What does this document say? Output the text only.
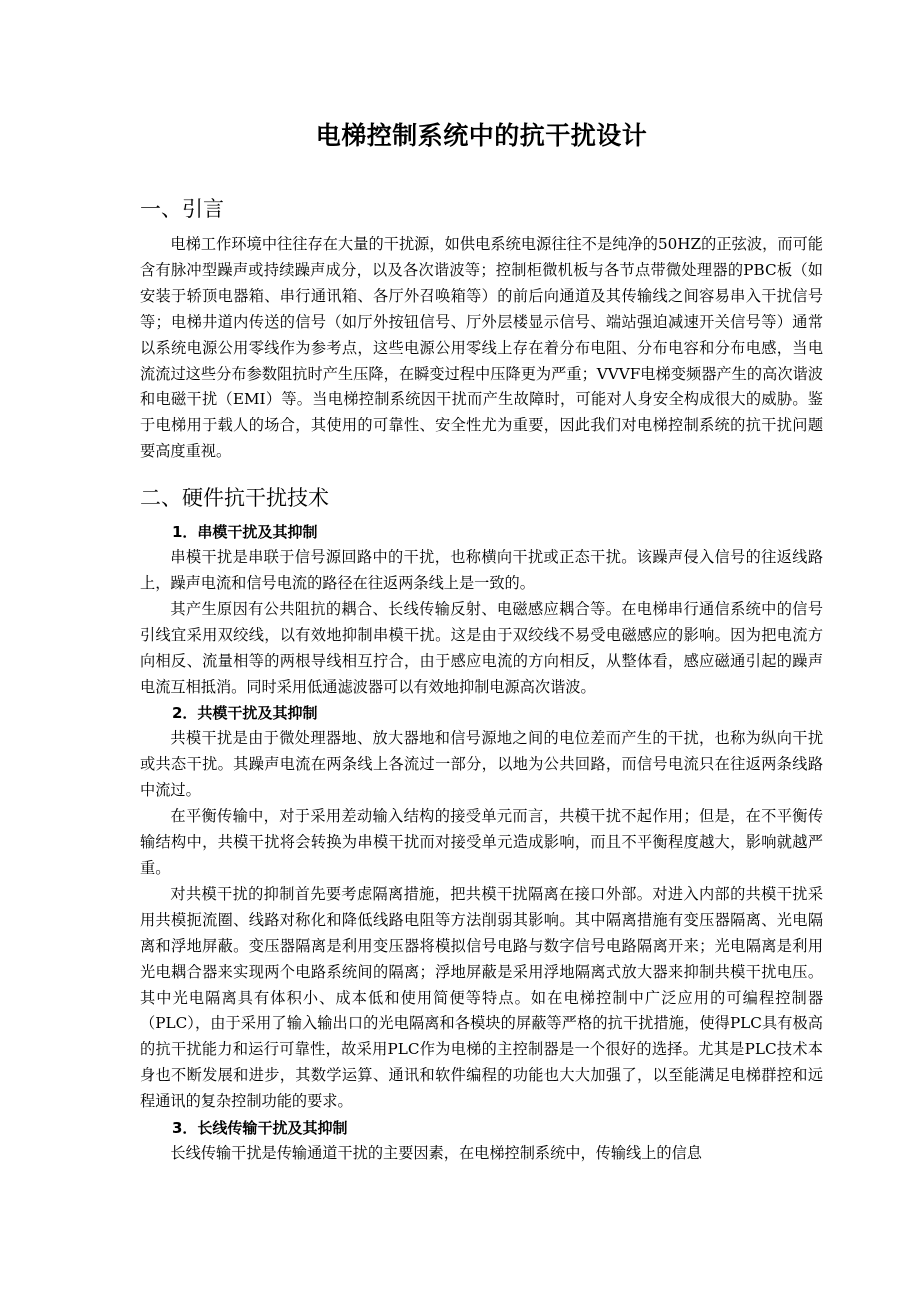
电梯控制系统中的抗干扰设计
一、引言

电梯工作环境中往往存在大量的干扰源，如供电系统电源往往不是纯净的50HZ的正弦波，而可能含有脉冲型躁声或持续躁声成分，以及各次谐波等；控制柜微机板与各节点带微处理器的PBC板（如安装于轿顶电器箱、串行通讯箱、各厅外召唤箱等）的前后向通道及其传输线之间容易串入干扰信号等；电梯井道内传送的信号（如厅外按钮信号、厅外层楼显示信号、端站强迫减速开关信号等）通常以系统电源公用零线作为参考点，这些电源公用零线上存在着分布电阻、分布电容和分布电感，当电流流过这些分布参数阻抗时产生压降，在瞬变过程中压降更为严重；VVVF电梯变频器产生的高次谐波和电磁干扰（EMI）等。当电梯控制系统因干扰而产生故障时，可能对人身安全构成很大的威胁。鉴于电梯用于载人的场合，其使用的可靠性、安全性尤为重要，因此我们对电梯控制系统的抗干扰问题要高度重视。

二、硬件抗干扰技术

1．串模干扰及其抑制

串模干扰是串联于信号源回路中的干扰，也称横向干扰或正态干扰。该躁声侵入信号的往返线路上，躁声电流和信号电流的路径在往返两条线上是一致的。

其产生原因有公共阻抗的耦合、长线传输反射、电磁感应耦合等。在电梯串行通信系统中的信号引线宜采用双绞线，以有效地抑制串模干扰。这是由于双绞线不易受电磁感应的影响。因为把电流方向相反、流量相等的两根导线相互拧合，由于感应电流的方向相反，从整体看，感应磁通引起的躁声电流互相抵消。同时采用低通滤波器可以有效地抑制电源高次谐波。

2．共模干扰及其抑制

共模干扰是由于微处理器地、放大器地和信号源地之间的电位差而产生的干扰，也称为纵向干扰或共态干扰。其躁声电流在两条线上各流过一部分，以地为公共回路，而信号电流只在往返两条线路中流过。

在平衡传输中，对于采用差动输入结构的接受单元而言，共模干扰不起作用；但是，在不平衡传输结构中，共模干扰将会转换为串模干扰而对接受单元造成影响，而且不平衡程度越大，影响就越严重。

对共模干扰的抑制首先要考虑隔离措施，把共模干扰隔离在接口外部。对进入内部的共模干扰采用共模扼流圈、线路对称化和降低线路电阻等方法削弱其影响。其中隔离措施有变压器隔离、光电隔离和浮地屏蔽。变压器隔离是利用变压器将模拟信号电路与数字信号电路隔离开来；光电隔离是利用光电耦合器来实现两个电路系统间的隔离；浮地屏蔽是采用浮地隔离式放大器来抑制共模干扰电压。其中光电隔离具有体积小、成本低和使用简便等特点。如在电梯控制中广泛应用的可编程控制器（PLC），由于采用了输入输出口的光电隔离和各模块的屏蔽等严格的抗干扰措施，使得PLC具有极高的抗干扰能力和运行可靠性，故采用PLC作为电梯的主控制器是一个很好的选择。尤其是PLC技术本身也不断发展和进步，其数学运算、通讯和软件编程的功能也大大加强了，以至能满足电梯群控和远程通讯的复杂控制功能的要求。

3．长线传输干扰及其抑制

长线传输干扰是传输通道干扰的主要因素，在电梯控制系统中，传输线上的信息
